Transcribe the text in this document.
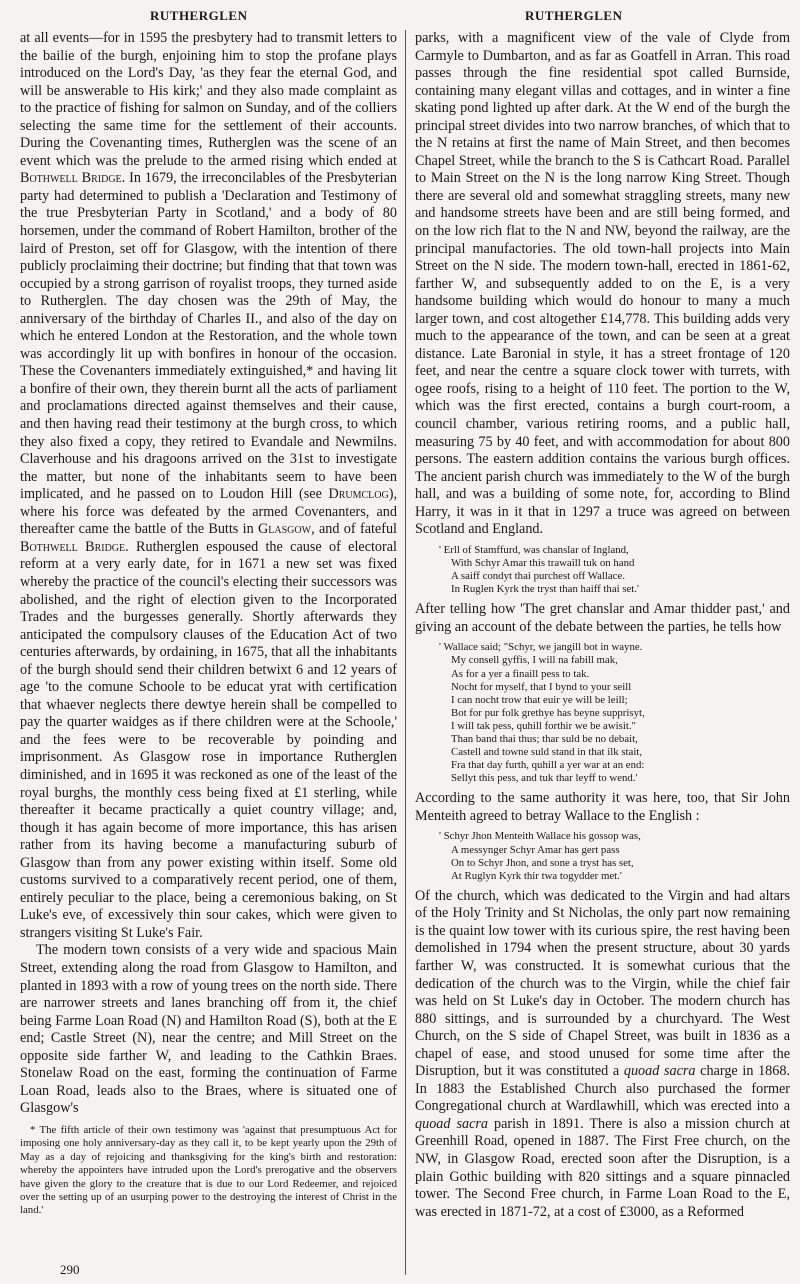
RUTHERGLEN	RUTHERGLEN

at all events—for in 1595 the presbytery had to transmit letters to the bailie of the burgh, enjoining him to stop the profane plays introduced on the Lord's Day, 'as they fear the eternal God, and will be answerable to His kirk;' and they also made complaint as to the practice of fishing for salmon on Sunday, and of the colliers selecting the same time for the settlement of their accounts. During the Covenanting times, Rutherglen was the scene of an event which was the prelude to the armed rising which ended at Bothwell Bridge. In 1679, the irreconcilables of the Presbyterian party had determined to publish a 'Declaration and Testimony of the true Presbyterian Party in Scotland,' and a body of 80 horsemen, under the command of Robert Hamilton, brother of the laird of Preston, set off for Glasgow, with the intention of there publicly proclaiming their doctrine; but finding that that town was occupied by a strong garrison of royalist troops, they turned aside to Rutherglen. The day chosen was the 29th of May, the anniversary of the birthday of Charles II., and also of the day on which he entered London at the Restoration, and the whole town was accordingly lit up with bonfires in honour of the occasion. These the Covenanters immediately extinguished,* and having lit a bonfire of their own, they therein burnt all the acts of parliament and proclamations directed against themselves and their cause, and then having read their testimony at the burgh cross, to which they also fixed a copy, they retired to Evandale and Newmilns. Claverhouse and his dragoons arrived on the 31st to investigate the matter, but none of the inhabitants seem to have been implicated, and he passed on to Loudon Hill (see Drumclog), where his force was defeated by the armed Covenanters, and thereafter came the battle of the Butts in Glasgow, and of fateful Bothwell Bridge. Rutherglen espoused the cause of electoral reform at a very early date, for in 1671 a new set was fixed whereby the practice of the council's electing their successors was abolished, and the right of election given to the Incorporated Trades and the burgesses generally. Shortly afterwards they anticipated the compulsory clauses of the Education Act of two centuries afterwards, by ordaining, in 1675, that all the inhabitants of the burgh should send their children betwixt 6 and 12 years of age 'to the comune Schoole to be educat yrat with certification that whaever neglects there dewtye herein shall be compelled to pay the quarter waidges as if there children were at the Schoole,' and the fees were to be recoverable by poinding and imprisonment. As Glasgow rose in importance Rutherglen diminished, and in 1695 it was reckoned as one of the least of the royal burghs, the monthly cess being fixed at £1 sterling, while thereafter it became practically a quiet country village; and, though it has again become of more importance, this has arisen rather from its having become a manufacturing suburb of Glasgow than from any power existing within itself. Some old customs survived to a comparatively recent period, one of them, entirely peculiar to the place, being a ceremonious baking, on St Luke's eve, of excessively thin sour cakes, which were given to strangers visiting St Luke's Fair.

The modern town consists of a very wide and spacious Main Street, extending along the road from Glasgow to Hamilton, and planted in 1893 with a row of young trees on the north side. There are narrower streets and lanes branching off from it, the chief being Farme Loan Road (N) and Hamilton Road (S), both at the E end; Castle Street (N), near the centre; and Mill Street on the opposite side farther W, and leading to the Cathkin Braes. Stonelaw Road on the east, forming the continuation of Farme Loan Road, leads also to the Braes, where is situated one of Glasgow's

* The fifth article of their own testimony was 'against that presumptuous Act for imposing one holy anniversary-day as they call it, to be kept yearly upon the 29th of May as a day of rejoicing and thanksgiving for the king's birth and restoration: whereby the appointers have intruded upon the Lord's prerogative and the observers have given the glory to the creature that is due to our Lord Redeemer, and rejoiced over the setting up of an usurping power to the destroying the interest of Christ in the land.'

parks, with a magnificent view of the vale of Clyde from Carmyle to Dumbarton, and as far as Goatfell in Arran. This road passes through the fine residential spot called Burnside, containing many elegant villas and cottages, and in winter a fine skating pond lighted up after dark. At the W end of the burgh the principal street divides into two narrow branches, of which that to the N retains at first the name of Main Street, and then becomes Chapel Street, while the branch to the S is Cathcart Road. Parallel to Main Street on the N is the long narrow King Street. Though there are several old and somewhat straggling streets, many new and handsome streets have been and are still being formed, and on the low rich flat to the N and NW, beyond the railway, are the principal manufactories. The old town-hall projects into Main Street on the N side. The modern town-hall, erected in 1861-62, farther W, and subsequently added to on the E, is a very handsome building which would do honour to many a much larger town, and cost altogether £14,778. This building adds very much to the appearance of the town, and can be seen at a great distance. Late Baronial in style, it has a street frontage of 120 feet, and near the centre a square clock tower with turrets, with ogee roofs, rising to a height of 110 feet. The portion to the W, which was the first erected, contains a burgh court-room, a council chamber, various retiring rooms, and a public hall, measuring 75 by 40 feet, and with accommodation for about 800 persons. The eastern addition contains the various burgh offices. The ancient parish church was immediately to the W of the burgh hall, and was a building of some note, for, according to Blind Harry, it was in it that in 1297 a truce was agreed on between Scotland and England.

' Erll of Stamffurd, was chanslar of Ingland,
With Schyr Amar this trawaill tuk on hand
A saiff condyt thai purchest off Wallace.
In Ruglen Kyrk the tryst than haiff thai set.'

After telling how 'The gret chanslar and Amar thidder past,' and giving an account of the debate between the parties, he tells how

' Wallace said; "Schyr, we jangill bot in wayne.
My consell gyffis, I will na fabill mak,
As for a yer a finaill pess to tak.
Nocht for myself, that I bynd to your seill
I can nocht trow that euir ye will be leill;
Bot for pur folk grethye has beyne supprisyt,
I will tak pess, quhill forthir we be awisit."
Than band thai thus; thar suld be no debait,
Castell and towne suld stand in that ilk stait,
Fra that day furth, quhill a yer war at an end:
Sellyt this pess, and tuk thar leyff to wend.'

According to the same authority it was here, too, that Sir John Menteith agreed to betray Wallace to the English :

' Schyr Jhon Menteith Wallace his gossop was,
A messynger Schyr Amar has gert pass
On to Schyr Jhon, and sone a tryst has set,
At Ruglyn Kyrk thir twa togydder met.'

Of the church, which was dedicated to the Virgin and had altars of the Holy Trinity and St Nicholas, the only part now remaining is the quaint low tower with its curious spire, the rest having been demolished in 1794 when the present structure, about 30 yards farther W, was constructed. It is somewhat curious that the dedication of the church was to the Virgin, while the chief fair was held on St Luke's day in October. The modern church has 880 sittings, and is surrounded by a churchyard. The West Church, on the S side of Chapel Street, was built in 1836 as a chapel of ease, and stood unused for some time after the Disruption, but it was constituted a quoad sacra charge in 1868. In 1883 the Established Church also purchased the former Congregational church at Wardlawhill, which was erected into a quoad sacra parish in 1891. There is also a mission church at Greenhill Road, opened in 1887. The First Free church, on the NW, in Glasgow Road, erected soon after the Disruption, is a plain Gothic building with 820 sittings and a square pinnacled tower. The Second Free church, in Farme Loan Road to the E, was erected in 1871-72, at a cost of £3000, as a Reformed

290
